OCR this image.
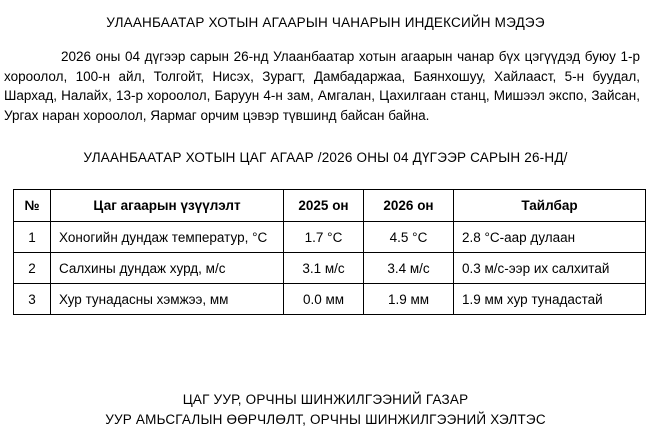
УЛААНБААТАР ХОТЫН АГААРЫН ЧАНАРЫН ИНДЕКСИЙН МЭДЭЭ

2026 оны 04 дүгээр сарын 26-нд Улаанбаатар хотын агаарын чанар бүх цэгүүдэд буюу 1-р хороолол, 100-н айл, Толгойт, Нисэх, Зурагт, Дамбадаржаа, Баянхошуу, Хайлааст, 5-н буудал, Шархад, Налайх, 13-р хороолол, Баруун 4-н зам, Амгалан, Цахилгаан станц, Мишээл экспо, Зайсан, Ургах наран хороолол, Яармаг орчим цэвэр түвшинд байсан байна.

УЛААНБААТАР ХОТЫН ЦАГ АГААР /2026 ОНЫ 04 ДҮГЭЭР САРЫН 26-НД/
№	Цаг агаарын үзүүлэлт	2025 он	2026 он	Тайлбар
1	Хоногийн дундаж температур, °С	1.7 °С	4.5 °С	2.8 °С-аар дулаан
2	Салхины дундаж хурд, м/с	3.1 м/с	3.4 м/с	0.3 м/с-ээр их салхитай
3	Хур тунадасны хэмжээ, мм	0.0 мм	1.9 мм	1.9 мм хур тунадастай
ЦАГ УУР, ОРЧНЫ ШИНЖИЛГЭЭНИЙ ГАЗАР
УУР АМЬСГАЛЫН ӨӨРЧЛӨЛТ, ОРЧНЫ ШИНЖИЛГЭЭНИЙ ХЭЛТЭС
